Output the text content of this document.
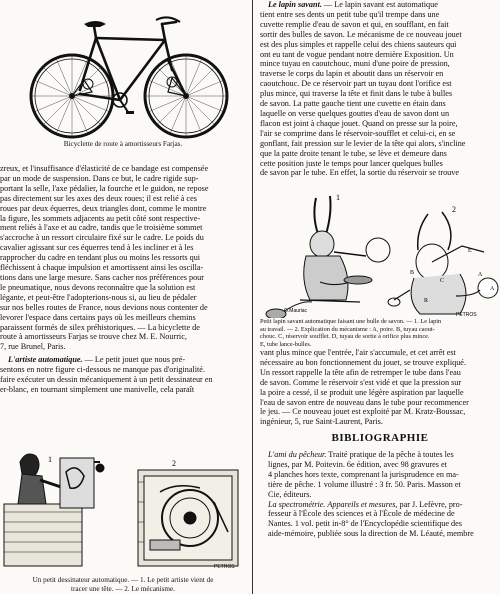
Bicyclette de route à amortisseurs Farjas.
zreux, et l'insuffisance d'élasticité de ce bandage est compensée
par un mode de suspension. Dans ce but, le cadre rigide sup-
portant la selle, l'axe pédalier, la fourche et le guidon, ne repose
pas directement sur les axes des deux roues; il est relié à ces
roues par deux équerres, deux triangles dont, comme le montre
la figure, les sommets adjacents au petit côté sont respective-
ment reliés à l'axe et au cadre, tandis que le troisième sommet
s'accroche à un ressort circulaire fixé sur le cadre. Le poids du
cavalier agissant sur ces équerres tend à les incliner et à les
rapprocher du cadre en tendant plus ou moins les ressorts qui
fléchissent à chaque impulsion et amortissent ainsi les oscilla-
tions dans une large mesure. Sans cacher nos préférences pour
le pneumatique, nous devons reconnaître que la solution est
légante, et peut-être l'adopterions-nous si, au lieu de pédaler
sur nos belles routes de France, nous devions nous contenter de
levorer l'espace dans certains pays où les meilleurs chemins
paraissent formés de silex préhistoriques. — La bicyclette de
route à amortisseurs Farjas se trouve chez M. E. Nourric,
7, rue Brunel, Paris.

L'artiste automatique. — Le petit jouet que nous pré-

sentons en notre figure ci-dessous ne manque pas d'originalité.
faire exécuter un dessin mécaniquement à un petit dessinateur en
er-blanc, en tournant simplement une manivelle, cela paraît
1	2
PETROS
Un petit dessinateur automatique. — 1. Le petit artiste vient de tracer une tête. — 2. Le mécanisme.

Le lapin savant. — Le lapin savant est automatique

tient entre ses dents un petit tube qu'il trempe dans une
cuvette remplie d'eau de savon et qui, en soufflant, en fait
sortir des bulles de savon. Le mécanisme de ce nouveau jouet
est des plus simples et rappelle celui des chiens sauteurs qui
ont eu tant de vogue pendant notre dernière Exposition. Un
mince tuyau en caoutchouc, muni d'une poire de pression,
traverse le corps du lapin et aboutit dans un réservoir en
caoutchouc. De ce réservoir part un tuyau dont l'orifice est
plus mince, qui traverse la tête et finit dans le tube à bulles
de savon. La patte gauche tient une cuvette en étain dans
laquelle on verse quelques gouttes d'eau de savon dont un
flacon est joint à chaque jouet. Quand on presse sur la poire,
l'air se comprime dans le réservoir-soufflet et celui-ci, en se
gonflant, fait pression sur le levier de la tête qui alors, s'incline
que la patte droite tenant le tube, se lève et demeure dans
cette position juste le temps pour lancer quelques bulles
de savon par le tube. En effet, la sortie du réservoir se trouve
1
G.Mauriac
2
B
E
A
C
R
A
PETROS
Petit lapin savant automatique faisant une bulle de savon. — 1. Le lapin
au travail. — 2. Explication du mécanisme : A, poire. B, tuyau caout-
chouc. C, réservoir soufflet. D, tuyau de sortie à orifice plus mince.
E, tube lance-bulles.
vant plus mince que l'entrée, l'air s'accumule, et cet arrêt est
nécessaire au bon fonctionnement du jouet, se trouve expliqué.
Un ressort rappelle la tête afin de retremper le tube dans l'eau
de savon. Comme le réservoir s'est vidé et que la pression sur
la poire a cessé, il se produit une légère aspiration par laquelle
l'eau de savon entre de nouveau dans le tube pour recommencer
le jeu. — Ce nouveau jouet est exploité par M. Kratz-Boussac,
ingénieur, 5, rue Saint-Laurent, Paris.
BIBLIOGRAPHIE

L'ami du pêcheur. Traité pratique de la pêche à toutes les

lignes, par M. Poitevin. 6e édition, avec 98 gravures et
4 planches hors texte, comprenant la jurisprudence en ma-
tière de pêche. 1 volume illustré : 3 fr. 50. Paris. Masson et
Cie, éditeurs.

La spectrométrie. Appareils et mesures, par J. Lefèvre, pro-

fesseur à l'École des sciences et à l'École de médecine de
Nantes. 1 vol. petit in-8° de l'Encyclopédie scientifique des
aide-mémoire, publiée sous la direction de M. Léauté, membre
